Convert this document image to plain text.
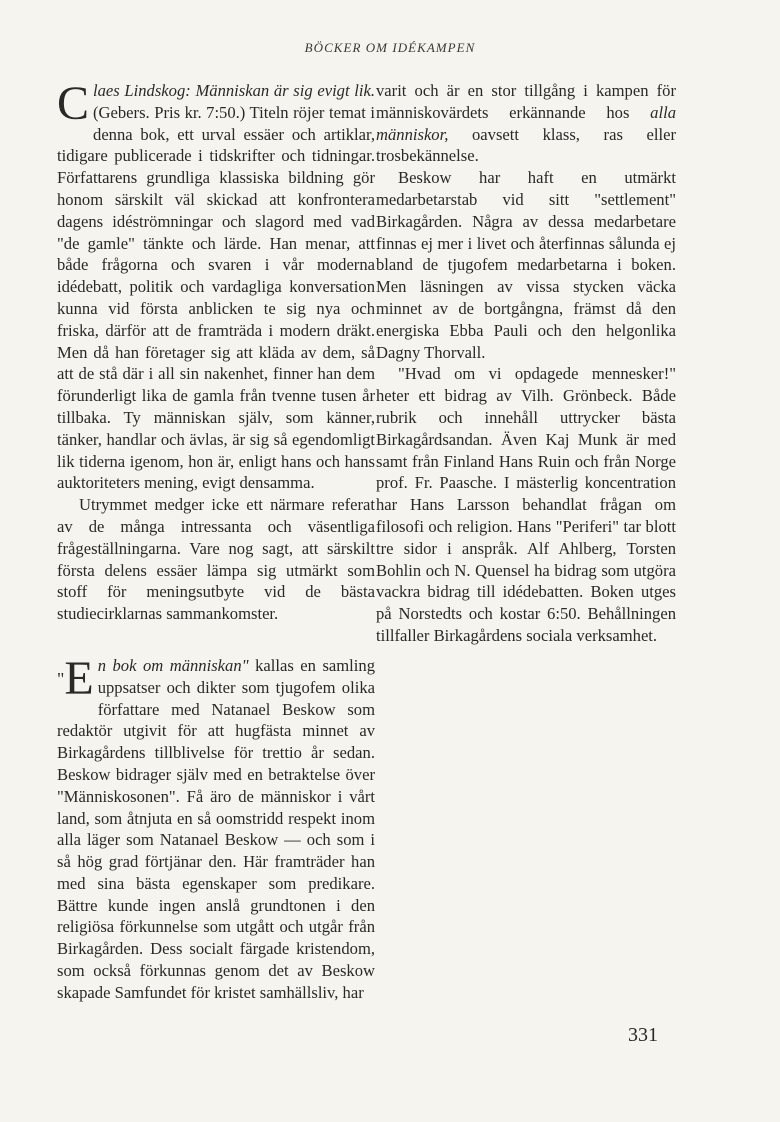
BÖCKER OM IDÉKAMPEN

Claes Lindskog: Människan är sig evigt lik. (Gebers. Pris kr. 7:50.) Titeln röjer temat i denna bok, ett urval essäer och artiklar, tidigare publicerade i tidskrifter och tidningar. Författarens grundliga klassiska bildning gör honom särskilt väl skickad att konfrontera dagens idéströmningar och slagord med vad "de gamle" tänkte och lärde. Han menar, att både frågorna och svaren i vår moderna idédebatt, politik och vardagliga konversation kunna vid första anblicken te sig nya och friska, därför att de framträda i modern dräkt. Men då han företager sig att kläda av dem, så att de stå där i all sin nakenhet, finner han dem förunderligt lika de gamla från tvenne tusen år tillbaka. Ty människan själv, som känner, tänker, handlar och ävlas, är sig så egendomligt lik tiderna igenom, hon är, enligt hans och hans auktoriteters mening, evigt densamma.

Utrymmet medger icke ett närmare referat av de många intressanta och väsentliga frågeställningarna. Vare nog sagt, att särskilt första delens essäer lämpa sig utmärkt som stoff för meningsutbyte vid de bästa studiecirklarnas sammankomster.

"E n bok om människan" kallas en samling uppsatser och dikter som tjugofem olika författare med Natanael Beskow som redaktör utgivit för att hugfästa minnet av Birkagårdens tillblivelse för trettio år sedan. Beskow bidrager själv med en betraktelse över "Människosonen". Få äro de människor i vårt land, som åtnjuta en så oomstridd respekt inom alla läger som Natanael Beskow — och som i så hög grad förtjänar den. Här framträder han med sina bästa egenskaper som predikare. Bättre kunde ingen anslå grundtonen i den religiösa förkunnelse som utgått och utgår från Birkagården. Dess socialt färgade kristendom, som också förkunnas genom det av Beskow skapade Samfundet för kristet samhällsliv, har

varit och är en stor tillgång i kampen för människovärdets erkännande hos alla människor, oavsett klass, ras eller trosbekännelse.

Beskow har haft en utmärkt medarbetarstab vid sitt "settlement" Birkagården. Några av dessa medarbetare finnas ej mer i livet och återfinnas sålunda ej bland de tjugofem medarbetarna i boken. Men läsningen av vissa stycken väcka minnet av de bortgångna, främst då den energiska Ebba Pauli och den helgonlika Dagny Thorvall.

"Hvad om vi opdagede mennesker!" heter ett bidrag av Vilh. Grönbeck. Både rubrik och innehåll uttrycker bästa Birkagårdsandan. Även Kaj Munk är med samt från Finland Hans Ruin och från Norge prof. Fr. Paasche. I mästerlig koncentration har Hans Larsson behandlat frågan om filosofi och religion. Hans "Periferi" tar blott tre sidor i anspråk. Alf Ahlberg, Torsten Bohlin och N. Quensel ha bidrag som utgöra vackra bidrag till idédebatten. Boken utges på Norstedts och kostar 6:50. Behållningen tillfaller Birkagårdens sociala verksamhet.

331
